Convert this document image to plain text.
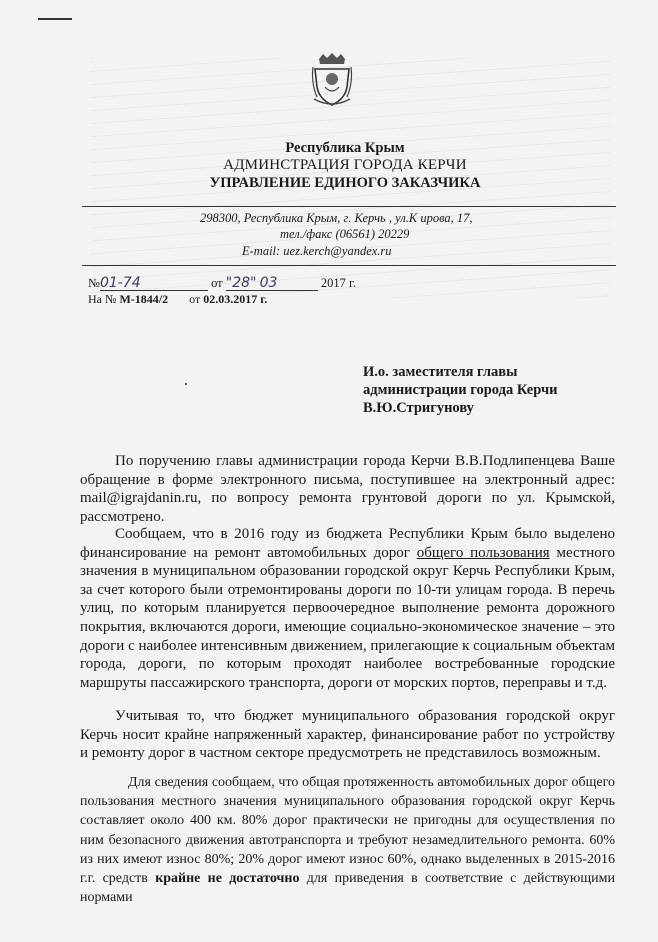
Республика Крым
АДМИНСТРАЦИЯ ГОРОДА КЕРЧИ
УПРАВЛЕНИЕ ЕДИНОГО ЗАКАЗЧИКА
298300, Республика Крым, г. Керчь , ул.К ирова, 17,
тел./факс (06561) 20229
E-mail: uez.kerch@yandex.ru
№01-74	от "28" 03	2017 г.
На № М-1844/2 от 02.03.2017 г.
И.о. заместителя главы
администрации города Керчи
В.Ю.Стригунову
По поручению главы администрации города Керчи В.В.Подлипенцева Ваше обращение в форме электронного письма, поступившее на электронный адрес: mail@igrajdanin.ru, по вопросу ремонта грунтовой дороги по ул. Крымской, рассмотрено.
Сообщаем, что в 2016 году из бюджета Республики Крым было выделено финансирование на ремонт автомобильных дорог общего пользования местного значения в муниципальном образовании городской округ Керчь Республики Крым, за счет которого были отремонтированы дороги по 10-ти улицам города. В перечь улиц, по которым планируется первоочередное выполнение ремонта дорожного покрытия, включаются дороги, имеющие социально-экономическое значение – это дороги с наиболее интенсивным движением, прилегающие к социальным объектам города, дороги, по которым проходят наиболее востребованные городские маршруты пассажирского транспорта, дороги от морских портов, переправы и т.д.
Учитывая то, что бюджет муниципального образования городской округ Керчь носит крайне напряженный характер, финансирование работ по устройству и ремонту дорог в частном секторе предусмотреть не представилось возможным.
Для сведения сообщаем, что общая протяженность автомобильных дорог общего пользования местного значения муниципального образования городской округ Керчь составляет около 400 км. 80% дорог практически не пригодны для осуществления по ним безопасного движения автотранспорта и требуют незамедлительного ремонта. 60% из них имеют износ 80%; 20% дорог имеют износ 60%, однако выделенных в 2015-2016 г.г. средств крайне не достаточно для приведения в соответствие с действующими нормами
